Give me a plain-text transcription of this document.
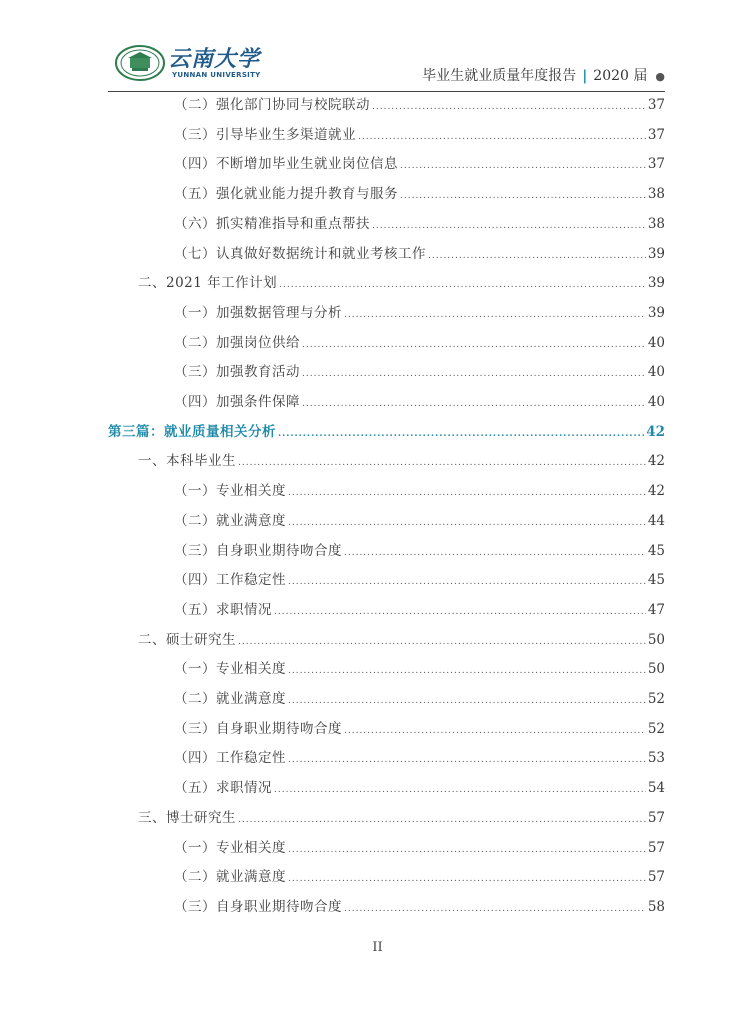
云南大学
YUNNAN UNIVERSITY	毕业生就业质量年度报告 | 2020 届 ●
（二）强化部门协同与校院联动 .....	37
（三）引导毕业生多渠道就业 .....	37
（四）不断增加毕业生就业岗位信息 .....	37
（五）强化就业能力提升教育与服务 .....	38
（六）抓实精准指导和重点帮扶 .....	38
（七）认真做好数据统计和就业考核工作 .....	39
二、2021 年工作计划 .....	39
（一）加强数据管理与分析 .....	39
（二）加强岗位供给 .....	40
（三）加强教育活动 .....	40
（四）加强条件保障 .....	40
第三篇：就业质量相关分析 .....	42
一、本科毕业生 .....	42
（一）专业相关度 .....	42
（二）就业满意度 .....	44
（三）自身职业期待吻合度 .....	45
（四）工作稳定性 .....	45
（五）求职情况 .....	47
二、硕士研究生 .....	50
（一）专业相关度 .....	50
（二）就业满意度 .....	52
（三）自身职业期待吻合度 .....	52
（四）工作稳定性 .....	53
（五）求职情况 .....	54
三、博士研究生 .....	57
（一）专业相关度 .....	57
（二）就业满意度 .....	57
（三）自身职业期待吻合度 .....	58
II
